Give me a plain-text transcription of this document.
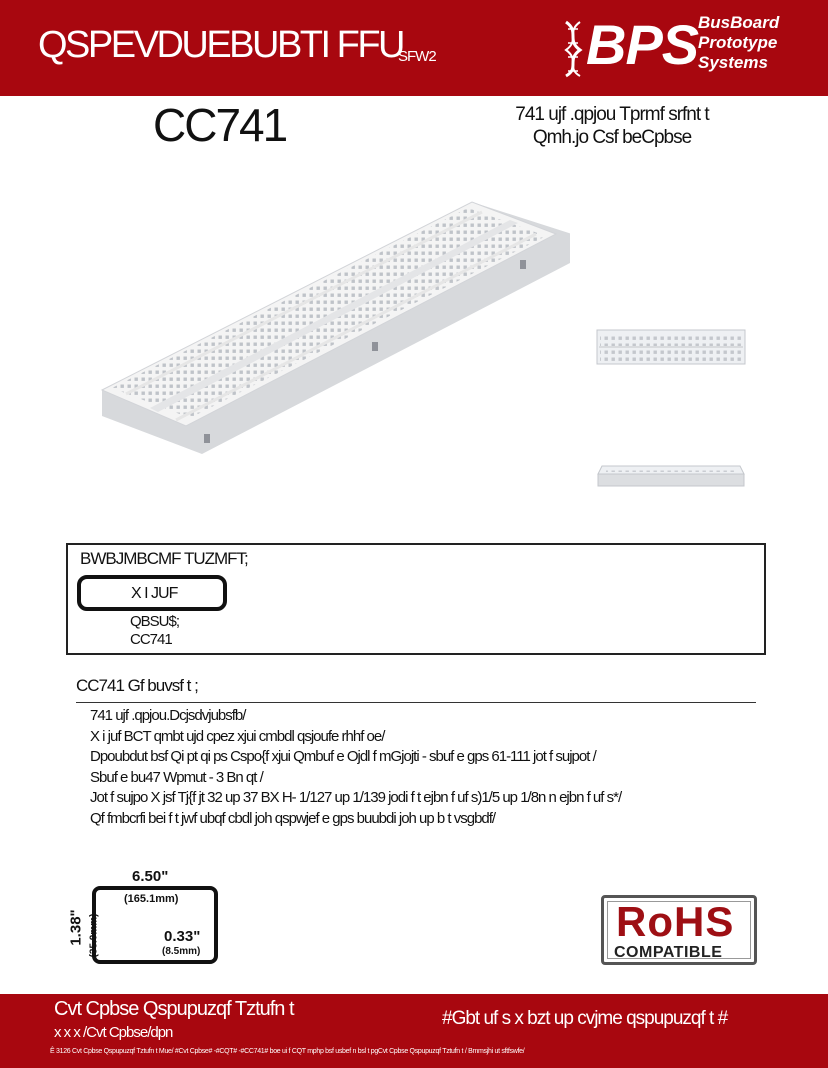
QSPEVDUEBUBTI FFU
SFW2	BPS BusBoard
Prototype
Systems
CC741	741 ujf .qpjou Tprmf srfnt t
Qmh.jo Csf beCpbse
BWBJMBCMF TUZMFT;
X I JUF
QBSU$;
CC741
CC741 Gf buvsf t ;
741 ujf .qpjou.Dcjsdvjubsfb/
X i juf BCT qmbt ujd cpez xjui cmbdl qsjoufe rhhf oe/
Dpoubdut bsf Qi pt qi ps Cspo{f xjui Qmbuf e Ojdl f mGjojti - sbuf e gps 61-111 jot f sujpot /
Sbuf e bu47 Wpmut - 3 Bn qt /
Jot f sujpo X jsf Tj{f jt 32 up 37 BX H- 1/127 up 1/139 jodi f t ejbn f uf s)1/5 up 1/8n n ejbn f uf s*/
Qf fmbcrfi bei f t jwf ubqf cbdl joh qspwjef e gps buubdi joh up b t vsgbdf/
6.50"
(165.1mm)
1.38" (35.0mm)	0.33"
(8.5mm)
RoHS
COMPATIBLE
Cvt Cpbse Qspupuzqf Tztufn t
x x x /Cvt Cpbse/dpn
#Gbt uf s x bzt up cvjme qspupuzqf t #
Ê 3126 Cvt Cpbse Qspupuzqf Tztufn t Mue/ #Cvt Cpbse# -#CQT# -#CC741# boe ui f CQT mphp bsf usbef n bsl t pgCvt Cpbse Qspupuzqf Tztufn t / Bmmsjhi ut sftfswfe/
